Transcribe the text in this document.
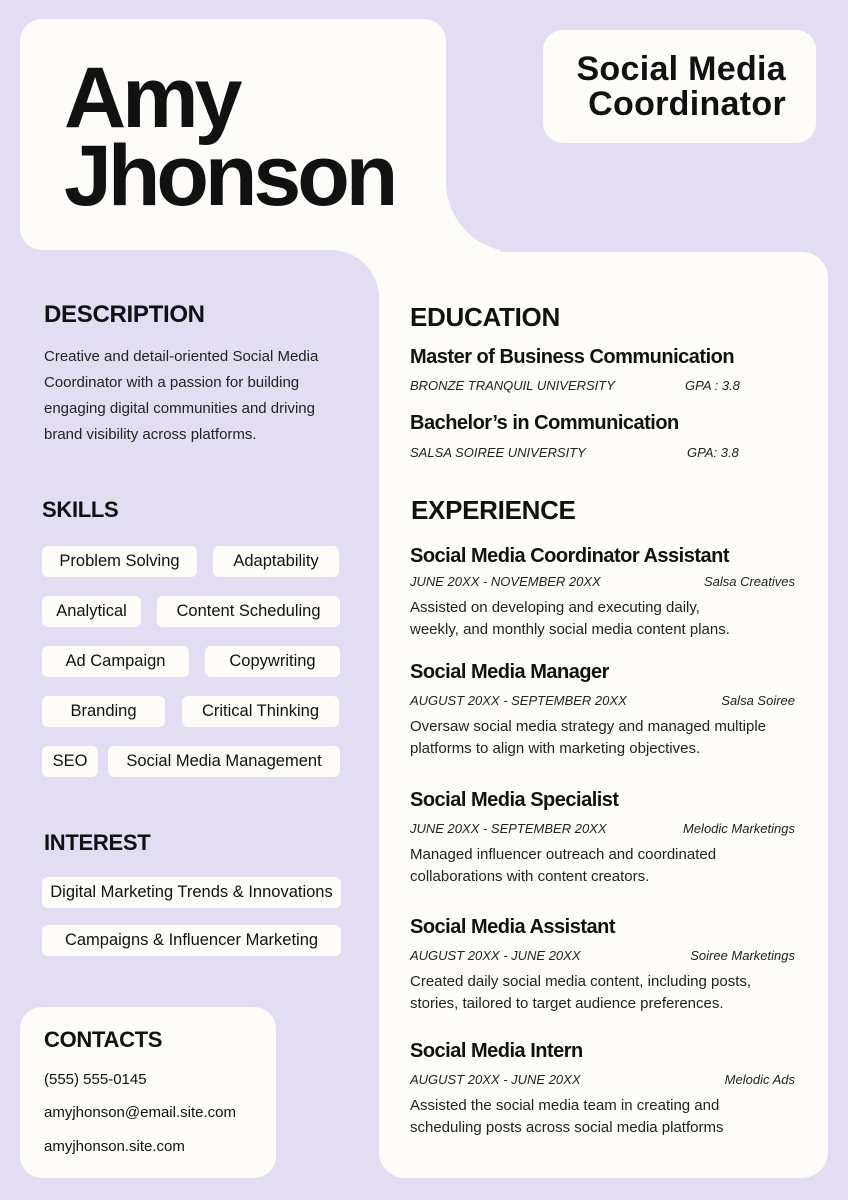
Social Media
Coordinator
Amy
Jhonson
DESCRIPTION
Creative and detail-oriented Social Media
Coordinator with a passion for building
engaging digital communities and driving
brand visibility across platforms.
SKILLS
Problem Solving	Adaptability
Analytical	Content Scheduling
Ad Campaign	Copywriting
Branding	Critical Thinking
SEO	Social Media Management
INTEREST
Digital Marketing Trends & Innovations
Campaigns & Influencer Marketing
CONTACTS
(555) 555-0145
amyjhonson@email.site.com
amyjhonson.site.com
EDUCATION
Master of Business Communication
BRONZE TRANQUIL UNIVERSITY	GPA : 3.8
Bachelor’s in Communication
SALSA SOIREE UNIVERSITY	GPA: 3.8
EXPERIENCE
Social Media Coordinator Assistant
JUNE 20XX - NOVEMBER 20XX	Salsa Creatives
Assisted on developing and executing daily,
weekly, and monthly social media content plans.
Social Media Manager
AUGUST 20XX - SEPTEMBER 20XX	Salsa Soiree
Oversaw social media strategy and managed multiple
platforms to align with marketing objectives.
Social Media Specialist
JUNE 20XX - SEPTEMBER 20XX	Melodic Marketings
Managed influencer outreach and coordinated
collaborations with content creators.
Social Media Assistant
AUGUST 20XX - JUNE 20XX	Soiree Marketings
Created daily social media content, including posts,
stories, tailored to target audience preferences.
Social Media Intern
AUGUST 20XX - JUNE 20XX	Melodic Ads
Assisted the social media team in creating and
scheduling posts across social media platforms
